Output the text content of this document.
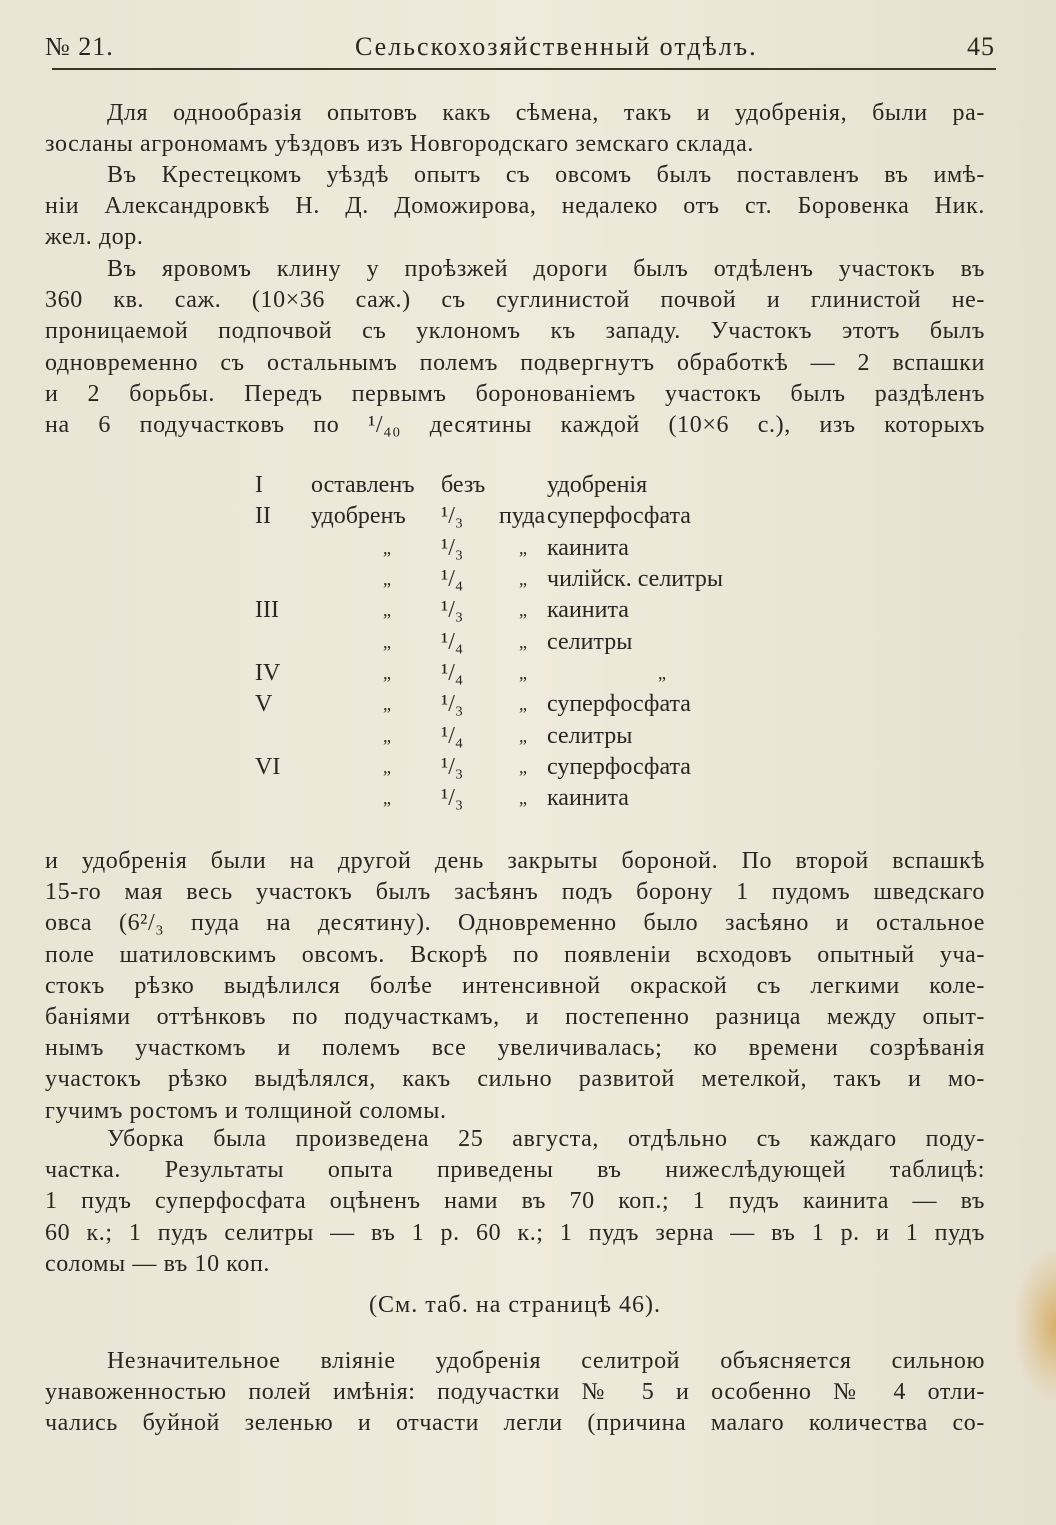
№ 21.	Сельскохозяйственный отдѣлъ.	45
Для однообразія опытовъ какъ сѣмена, такъ и удобренія, были ра-
зосланы агрономамъ уѣздовъ изъ Новгородскаго земскаго склада.
Въ Крестецкомъ уѣздѣ опытъ съ овсомъ былъ поставленъ въ имѣ-
ніи Александровкѣ Н. Д. Доможирова, недалеко отъ ст. Боровенка Ник.
жел. дор.
Въ яровомъ клину у проѣзжей дороги былъ отдѣленъ участокъ въ
360 кв. саж. (10×36 саж.) съ суглинистой почвой и глинистой не-
проницаемой подпочвой съ уклономъ къ западу. Участокъ этотъ былъ
одновременно съ остальнымъ полемъ подвергнутъ обработкѣ — 2 вспашки
и 2 борьбы. Передъ первымъ боронованіемъ участокъ былъ раздѣленъ
на 6 подучастковъ по ¹/₄₀ десятины каждой (10×6 с.), изъ которыхъ
I	оставленъ	безъ		удобренія
II	удобренъ	¹/₃	пуда	суперфосфата
	„	¹/₃	„	каинита
	„	¹/₄	„	чилійск. селитры
III	„	¹/₃	„	каинита
	„	¹/₄	„	селитры
IV	„	¹/₄	„	„
V	„	¹/₃	„	суперфосфата
	„	¹/₄	„	селитры
VI	„	¹/₃	„	суперфосфата
	„	¹/₃	„	каинита
и удобренія были на другой день закрыты бороной. По второй вспашкѣ
15-го мая весь участокъ былъ засѣянъ подъ борону 1 пудомъ шведскаго
овса (6²/₃ пуда на десятину). Одновременно было засѣяно и остальное
поле шатиловскимъ овсомъ. Вскорѣ по появленіи всходовъ опытный уча-
стокъ рѣзко выдѣлился болѣе интенсивной окраской съ легкими коле-
баніями оттѣнковъ по подучасткамъ, и постепенно разница между опыт-
нымъ участкомъ и полемъ все увеличивалась; ко времени созрѣванія
участокъ рѣзко выдѣлялся, какъ сильно развитой метелкой, такъ и мо-
гучимъ ростомъ и толщиной соломы.
Уборка была произведена 25 августа, отдѣльно съ каждаго поду-
частка. Результаты опыта приведены въ нижеслѣдующей таблицѣ:
1 пудъ суперфосфата оцѣненъ нами въ 70 коп.; 1 пудъ каинита — въ
60 к.; 1 пудъ селитры — въ 1 р. 60 к.; 1 пудъ зерна — въ 1 р. и 1 пудъ
соломы — въ 10 коп.
(См. таб. на страницѣ 46).
Незначительное вліяніе удобренія селитрой объясняется сильною
унавоженностью полей имѣнія: подучастки № 5 и особенно № 4 отли-
чались буйной зеленью и отчасти легли (причина малаго количества со-
